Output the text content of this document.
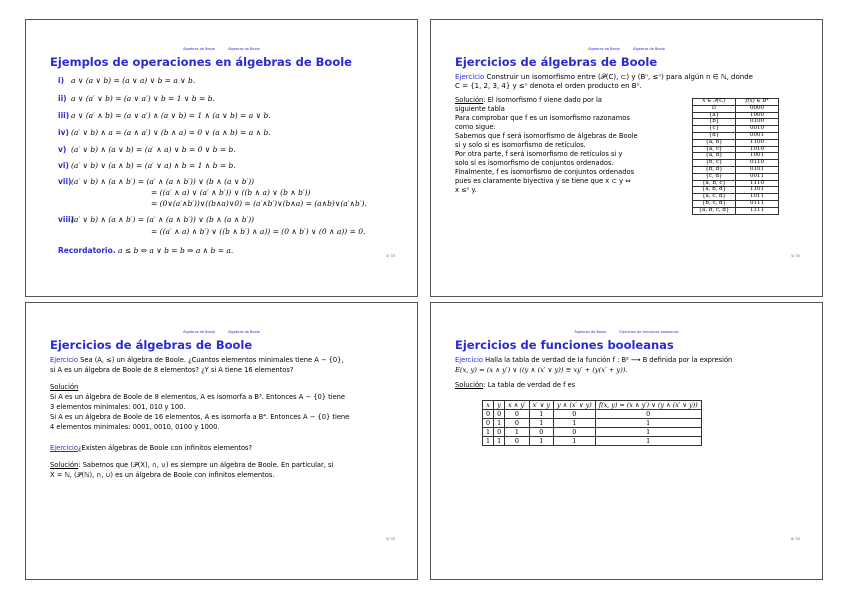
Álgebras de Boole	Álgebras de Boole
Ejemplos de operaciones en álgebras de Boole
i) a ∨ (a ∨ b) = (a ∨ a) ∨ b = a ∨ b.
ii) a ∨ (a′ ∨ b) = (a ∨ a′) ∨ b = 1 ∨ b = b.
iii) a ∨ (a′ ∧ b) = (a ∨ a′) ∧ (a ∨ b) = 1 ∧ (a ∨ b) = a ∨ b.
iv) (a′ ∨ b) ∧ a = (a ∧ a′) ∨ (b ∧ a) = 0 ∨ (a ∧ b) = a ∧ b.
v) (a′ ∨ b) ∧ (a ∨ b) = (a′ ∧ a) ∨ b = 0 ∨ b = b.
vi) (a′ ∨ b) ∨ (a ∧ b) = (a′ ∨ a) ∧ b = 1 ∧ b = b.
vii)(a′ ∨ b) ∧ (a ∧ b′) = (a′ ∧ (a ∧ b′)) ∨ (b ∧ (a ∨ b′))
= ((a′ ∧ a) ∨ (a′ ∧ b′)) ∨ ((b ∧ a) ∨ (b ∧ b′))
= (0∨(a′∧b′))∨((b∧a)∨0) = (a′∧b′)∨(b∧a) = (a∧b)∨(a′∧b′).
viii)(a′ ∨ b) ∧ (a ∧ b′) = (a′ ∧ (a ∧ b′)) ∨ (b ∧ (a ∧ b′))
= ((a′ ∧ a) ∧ b′) ∨ ((b ∧ b′) ∧ a)) = (0 ∧ b′) ∨ (0 ∧ a)) = 0.
Recordatorio. a ≤ b ⇔ a ∨ b = b ⇔ a ∧ b = a.
3/ 33
Álgebras de Boole	Álgebras de Boole
Ejercicios de álgebras de Boole
Ejercicio Construir un isomorfismo entre (𝒫(C), ⊂) y (Bⁿ, ≤ⁿ) para algún n ∈ ℕ, donde
C = {1, 2, 3, 4} y ≤ⁿ denota el orden producto en Bⁿ.
Solución: El isomorfismo f viene dado por la
siguiente tabla
Para comprobar que f es un isomorfismo razonamos
como sigue:
Sabemos que f será isomorfismo de álgebras de Boole
si y solo si es isomorfismo de retículos.
Por otra parte, f será isomorfismo de retículos si y
solo si es isomorfismo de conjuntos ordenados.
Finalmente, f es isomorfismo de conjuntos ordenados
pues es claramente biyectiva y se tiene que x ⊂ y ⇔
x ≤ⁿ y.
x ∈ 𝒫(C)	f(x) ∈ B⁴
∅	0000
{a}	1000
{b}	0100
{c}	0010
{d}	0001
{a, b}	1100
{a, c}	1010
{a, d}	1001
{b, c}	0110
{b, d}	0101
{c, d}	0011
{a, b, c}	1110
{a, b, d}	1101
{a, c, d}	1011
{b, c, d}	0111
{a, b, c, d}	1111
5/ 33
Álgebras de Boole	Álgebras de Boole
Ejercicios de álgebras de Boole
Ejercicio Sea (A, ≤) un álgebra de Boole. ¿Cuantos elementos minimales tiene A − {0},
si A es un álgebra de Boole de 8 elementos? ¿Y si A tiene 16 elementos?
Solución
Si A es un álgebra de Boole de 8 elementos, A es isomorfa a B³. Entonces A − {0} tiene
3 elementos minimales: 001, 010 y 100.
Si A es un álgebra de Boole de 16 elementos, A es isomorfa a B⁴. Entonces A − {0} tiene
4 elementos minimales: 0001, 0010, 0100 y 1000.
Ejercicio¿Existen álgebras de Boole con infinitos elementos?
Solución: Sabemos que (𝒫(X), ∩, ∪) es siempre un álgebra de Boole. En particular, si
X = ℕ, (𝒫(ℕ), ∩, ∪) es un álgebra de Boole con infinitos elementos.
5/ 33
Álgebras de Boole	Ejercicios de funciones booleanas
Ejercicios de funciones booleanas
Ejercicio Halla la tabla de verdad de la función f : B² ⟶ B definida por la expresión
E(x, y) = (x ∧ y′) ∨ ((y ∧ (x′ ∨ y)) ≡ xy′ + (y(x′ + y)).
Solución: La tabla de verdad de f es
x	y	x ∧ y′	x′ ∨ y	y ∧ (x′ ∨ y)	f(x, y) = (x ∧ y′) ∨ (y ∧ (x′ ∨ y))
0	0	0	1	0	0
0	1	0	1	1	1
1	0	1	0	0	1
1	1	0	1	1	1
6/ 33
